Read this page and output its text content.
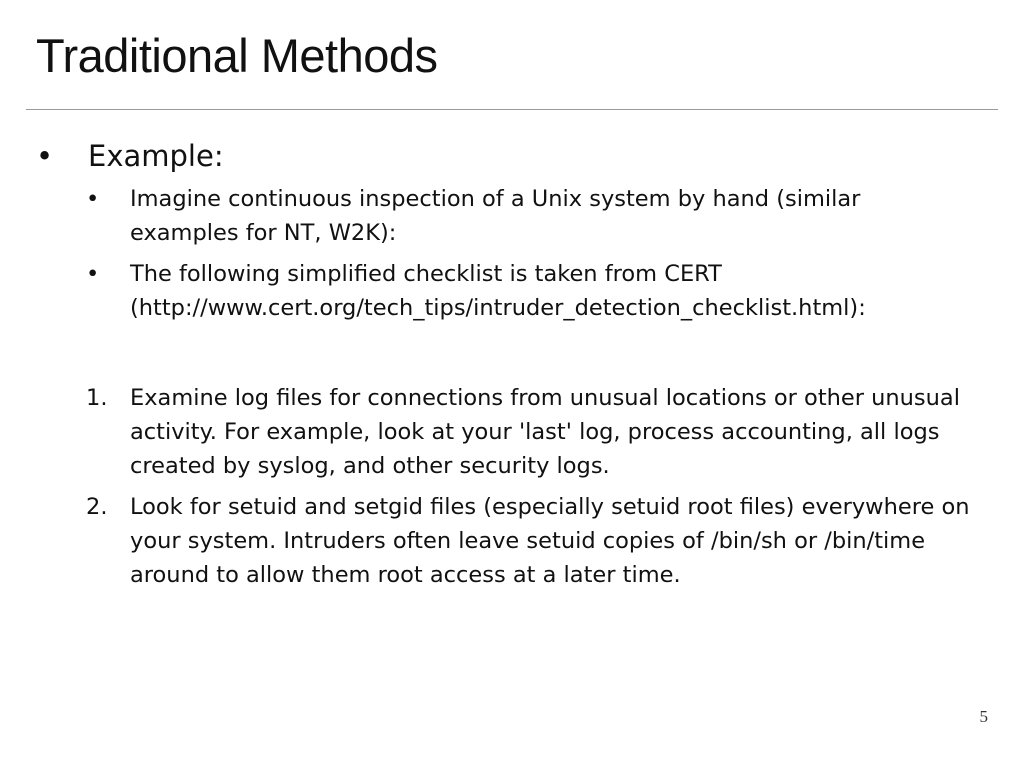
Traditional Methods
• Example:
• Imagine continuous inspection of a Unix system by hand (similar examples for NT, W2K):
• The following simplified checklist is taken from CERT (http://www.cert.org/tech_tips/intruder_detection_checklist.html):
1. Examine log files for connections from unusual locations or other unusual activity. For example, look at your 'last' log, process accounting, all logs created by syslog, and other security logs.
2. Look for setuid and setgid files (especially setuid root files) everywhere on your system. Intruders often leave setuid copies of /bin/sh or /bin/time around to allow them root access at a later time.
5
